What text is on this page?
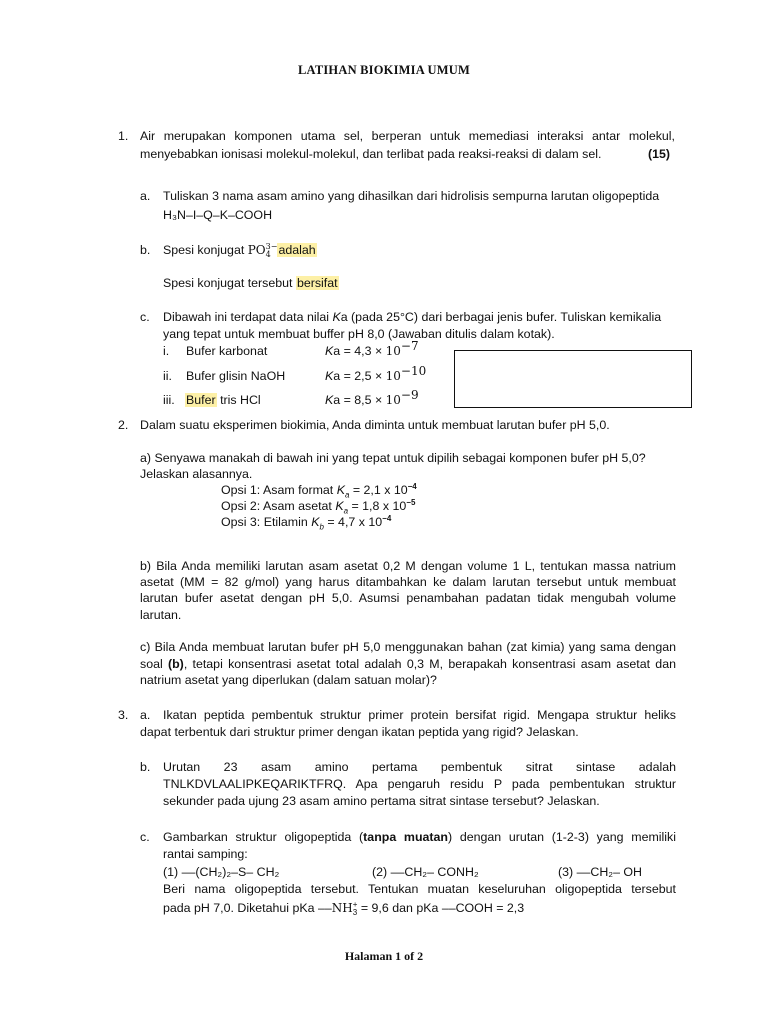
LATIHAN BIOKIMIA UMUM
1. Air merupakan komponen utama sel, berperan untuk memediasi interaksi antar molekul,
menyebabkan ionisasi molekul-molekul, dan terlibat pada reaksi-reaksi di dalam sel.	(15)
a. Tuliskan 3 nama asam amino yang dihasilkan dari hidrolisis sempurna larutan oligopeptida
H₃N–I–Q–K–COOH
b. Spesi konjugat PO 3−
4 adalah
Spesi konjugat tersebut bersifat
c. Dibawah ini terdapat data nilai Ka (pada 25°C) dari berbagai jenis bufer. Tuliskan kemikalia
yang tepat untuk membuat buffer pH 8,0 (Jawaban ditulis dalam kotak).
i. Bufer karbonat	$Ka = 4,3 \times 10^{-7}$
ii. Bufer glisin NaOH	$Ka = 2,5 \times 10^{-10}$
iii. Bufer tris HCl	$Ka = 8,5 \times 10^{-9}$
2. Dalam suatu eksperimen biokimia, Anda diminta untuk membuat larutan bufer pH 5,0.
a) Senyawa manakah di bawah ini yang tepat untuk dipilih sebagai komponen bufer pH 5,0?
Jelaskan alasannya.
Opsi 1: Asam format $K_a = 2,1$ x $10^{-4}$
Opsi 2: Asam asetat $K_a = 1,8$ x $10^{-5}$
Opsi 3: Etilamin $K_b = 4,7$ x $10^{-4}$
b) Bila Anda memiliki larutan asam asetat 0,2 M dengan volume 1 L, tentukan massa natrium
asetat (MM = 82 g/mol) yang harus ditambahkan ke dalam larutan tersebut untuk membuat
larutan bufer asetat dengan pH 5,0. Asumsi penambahan padatan tidak mengubah volume
larutan.
c) Bila Anda membuat larutan bufer pH 5,0 menggunakan bahan (zat kimia) yang sama dengan
soal (b), tetapi konsentrasi asetat total adalah 0,3 M, berapakah konsentrasi asam asetat dan
natrium asetat yang diperlukan (dalam satuan molar)?
3. a. Ikatan peptida pembentuk struktur primer protein bersifat rigid. Mengapa struktur heliks
dapat terbentuk dari struktur primer dengan ikatan peptida yang rigid? Jelaskan.
b. Urutan 23 asam amino pertama pembentuk sitrat sintase adalah
TNLKDVLAALIPKEQARIKTFRQ. Apa pengaruh residu P pada pembentukan struktur
sekunder pada ujung 23 asam amino pertama sitrat sintase tersebut? Jelaskan.
c. Gambarkan struktur oligopeptida (tanpa muatan) dengan urutan (1-2-3) yang memiliki
rantai samping:
(1) ––(CH₂)₂–S– CH₂	(2) ––CH₂– CONH₂	(3) ––CH₂– OH
Beri nama oligopeptida tersebut. Tentukan muatan keseluruhan oligopeptida tersebut
pada pH 7,0. Diketahui pKa ––NH +
3 = 9,6 dan pKa ––COOH = 2,3
Halaman 1 of 2
